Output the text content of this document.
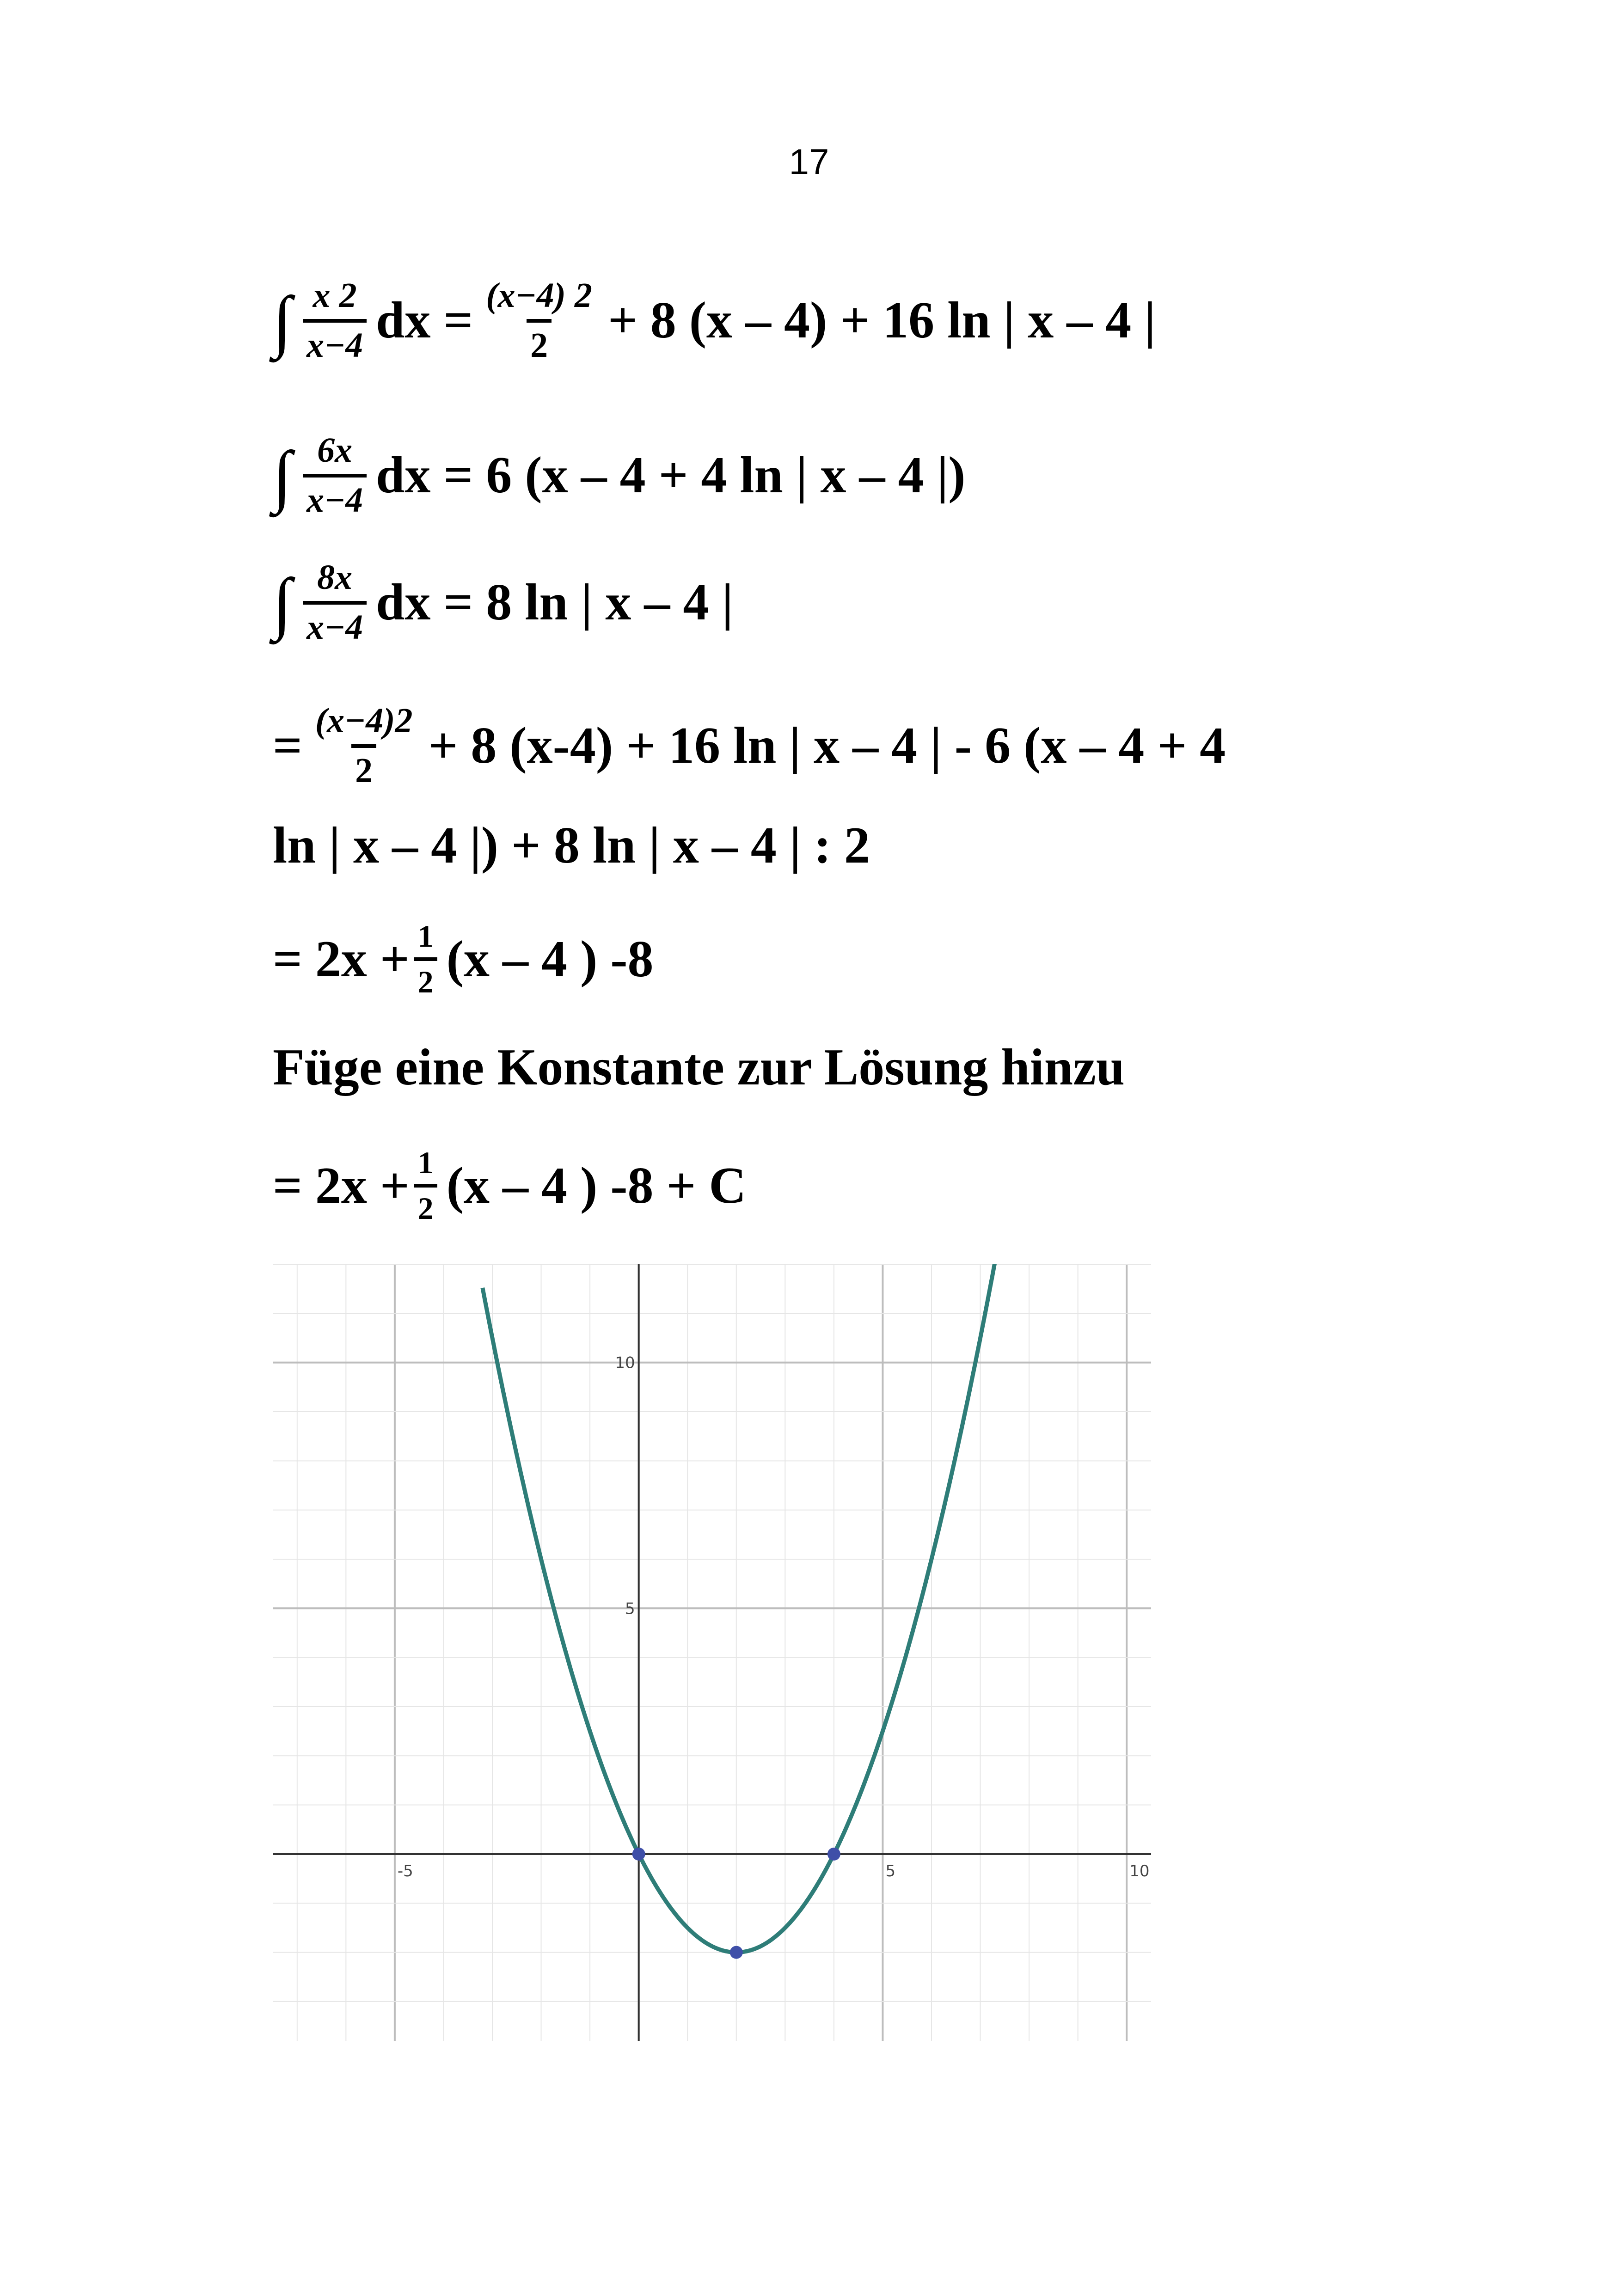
17
∫ $\frac{x 2}{x-4}$ dx = $\frac{(x-4) 2}{2} + 8$ (x – 4) + 16 ln | x – 4 |
∫ $\frac{6x}{x-4}$ dx = 6 (x – 4 + 4 ln | x – 4 |)
∫ $\frac{8x}{x-4}$ dx = 8 ln | x – 4 |
= $\frac{(x-4)2}{2} + 8$ (x-4) + 16 ln | x – 4 | - 6 (x – 4 + 4
ln | x – 4 |) + 8 ln | x – 4 | : 2
= $2x + \frac{1}{2} (x - 4$ ) -8
Füge eine Konstante zur Lösung hinzu
= $2x + \frac{1}{2} (x - 4$ ) -8 + C
-5	5	10
5
10
